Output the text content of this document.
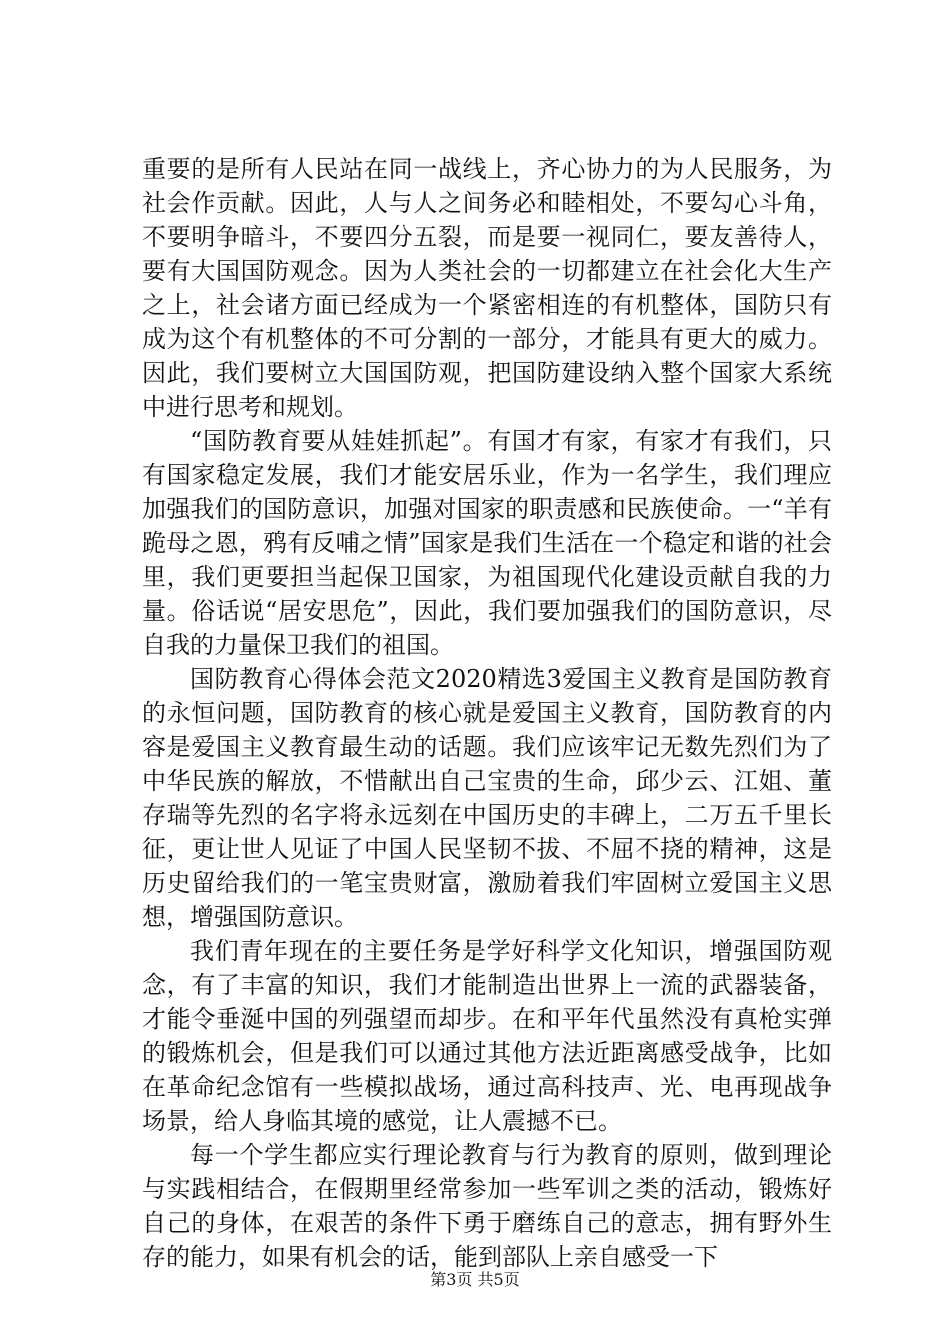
重要的是所有人民站在同一战线上，齐心协力的为人民服务，为社会作贡献。因此，人与人之间务必和睦相处，不要勾心斗角，不要明争暗斗，不要四分五裂，而是要一视同仁，要友善待人，要有大国国防观念。因为人类社会的一切都建立在社会化大生产之上，社会诸方面已经成为一个紧密相连的有机整体，国防只有成为这个有机整体的不可分割的一部分，才能具有更大的威力。因此，我们要树立大国国防观，把国防建设纳入整个国家大系统中进行思考和规划。

“国防教育要从娃娃抓起”。有国才有家，有家才有我们，只有国家稳定发展，我们才能安居乐业，作为一名学生，我们理应加强我们的国防意识，加强对国家的职责感和民族使命。一“羊有跪母之恩，鸦有反哺之情”国家是我们生活在一个稳定和谐的社会里，我们更要担当起保卫国家，为祖国现代化建设贡献自我的力量。俗话说“居安思危”，因此，我们要加强我们的国防意识，尽自我的力量保卫我们的祖国。

国防教育心得体会范文2020精选3爱国主义教育是国防教育的永恒问题，国防教育的核心就是爱国主义教育，国防教育的内容是爱国主义教育最生动的话题。我们应该牢记无数先烈们为了中华民族的解放，不惜献出自己宝贵的生命，邱少云、江姐、董存瑞等先烈的名字将永远刻在中国历史的丰碑上，二万五千里长征，更让世人见证了中国人民坚韧不拔、不屈不挠的精神，这是历史留给我们的一笔宝贵财富，激励着我们牢固树立爱国主义思想，增强国防意识。

我们青年现在的主要任务是学好科学文化知识，增强国防观念，有了丰富的知识，我们才能制造出世界上一流的武器装备，才能令垂涎中国的列强望而却步。在和平年代虽然没有真枪实弹的锻炼机会，但是我们可以通过其他方法近距离感受战争，比如在革命纪念馆有一些模拟战场，通过高科技声、光、电再现战争场景，给人身临其境的感觉，让人震撼不已。

每一个学生都应实行理论教育与行为教育的原则，做到理论与实践相结合，在假期里经常参加一些军训之类的活动，锻炼好自己的身体，在艰苦的条件下勇于磨练自己的意志，拥有野外生存的能力，如果有机会的话，能到部队上亲自感受一下

第3页 共5页
